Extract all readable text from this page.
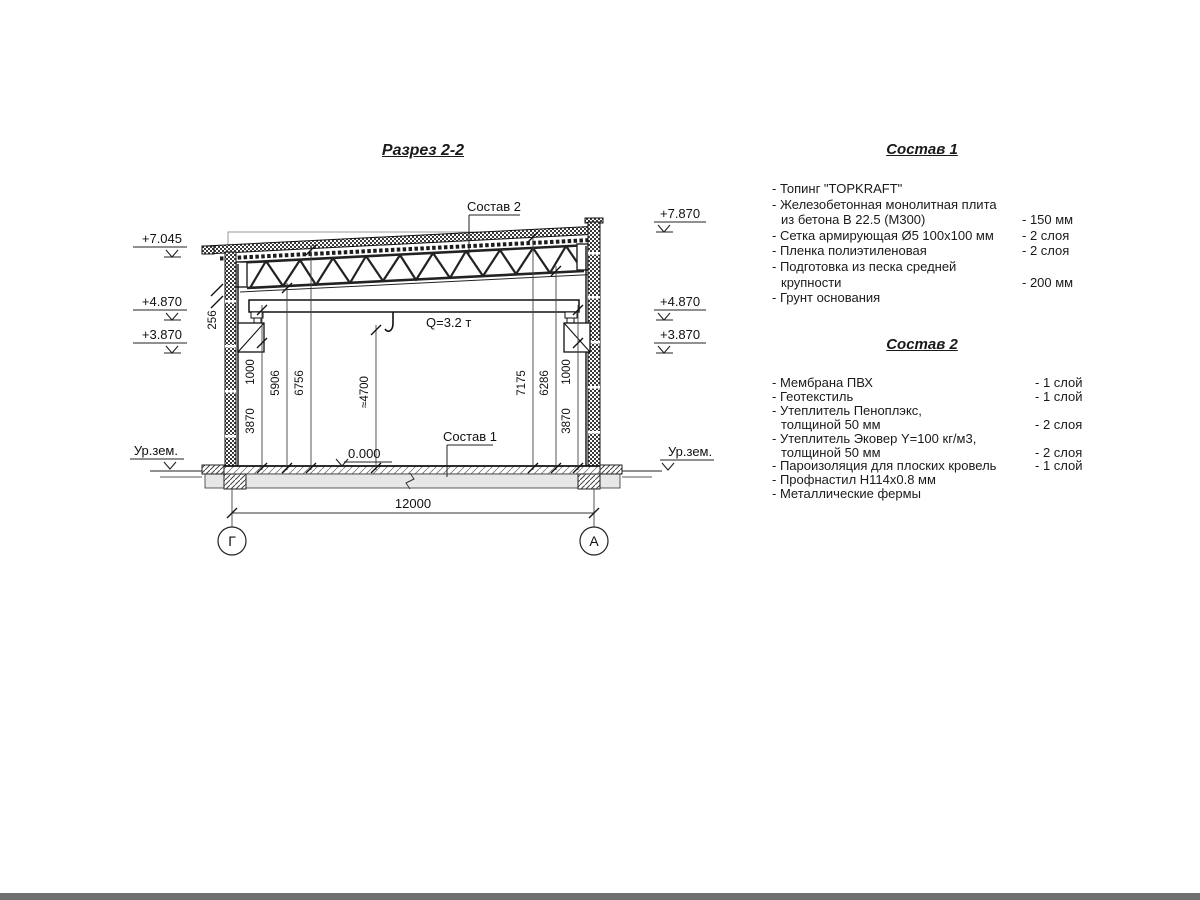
Разрез 2-2
Q=3.2 т
256
1000
3870
5906 6756	≈4700	7175 6286 1000
3870
12000
Г	А
+7.045
+4.870
+3.870
Ур.зем.
+7.870
+4.870
+3.870
Ур.зем.
0.000
Состав 2
Состав 1
Состав 1
- Топинг "TOPKRAFT"
- Железобетонная монолитная плита
из бетона В 22.5 (М300)	- 150 мм
- Сетка армирующая Ø5 100x100 мм - 2 слоя
- Пленка полиэтиленовая	- 2 слоя
- Подготовка из песка средней
крупности	- 200 мм
- Грунт основания
Состав 2
- Мембрана ПВХ	- 1 слой
- Геотекстиль	- 1 слой
- Утеплитель Пеноплэкс,
толщиной 50 мм	- 2 слоя
- Утеплитель Эковер Y=100 кг/м3,
толщиной 50 мм	- 2 слоя
- Пароизоляция для плоских кровель	- 1 слой
- Профнастил Н114х0.8 мм
- Металлические фермы
